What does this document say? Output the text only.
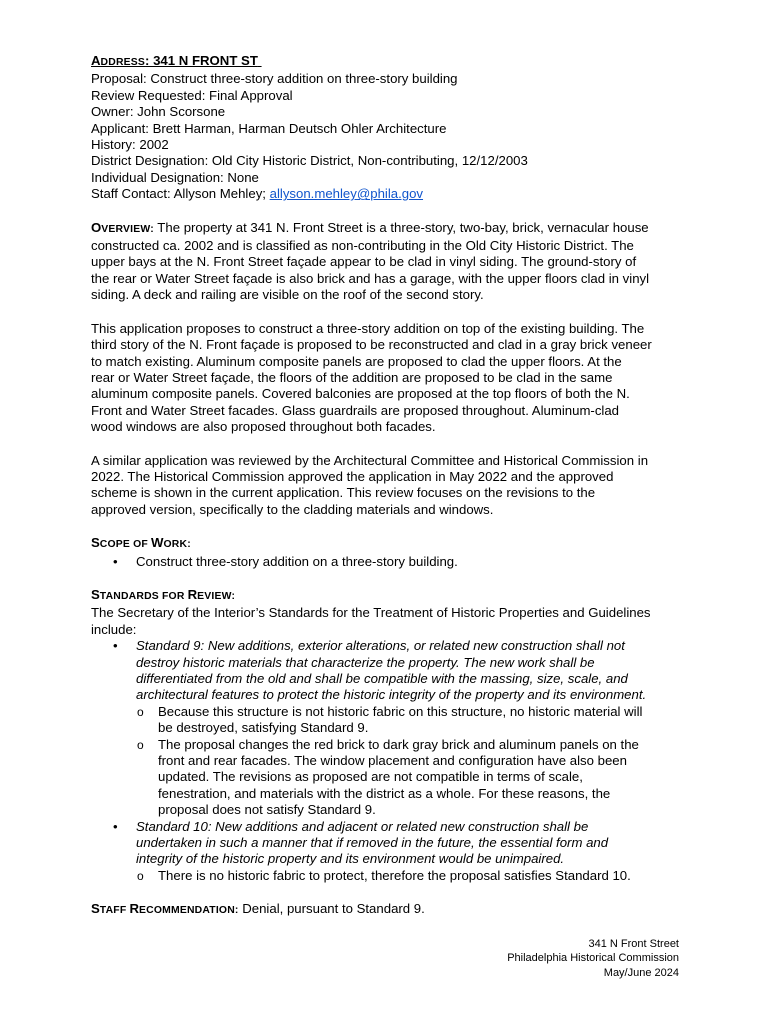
ADDRESS: 341 N FRONT ST
Proposal: Construct three-story addition on three-story building
Review Requested: Final Approval
Owner: John Scorsone
Applicant: Brett Harman, Harman Deutsch Ohler Architecture
History: 2002
District Designation: Old City Historic District, Non-contributing, 12/12/2003
Individual Designation: None
Staff Contact: Allyson Mehley; allyson.mehley@phila.gov
OVERVIEW: The property at 341 N. Front Street is a three-story, two-bay, brick, vernacular house
constructed ca. 2002 and is classified as non-contributing in the Old City Historic District. The
upper bays at the N. Front Street façade appear to be clad in vinyl siding. The ground-story of
the rear or Water Street façade is also brick and has a garage, with the upper floors clad in vinyl
siding. A deck and railing are visible on the roof of the second story.
This application proposes to construct a three-story addition on top of the existing building. The
third story of the N. Front façade is proposed to be reconstructed and clad in a gray brick veneer
to match existing. Aluminum composite panels are proposed to clad the upper floors. At the
rear or Water Street façade, the floors of the addition are proposed to be clad in the same
aluminum composite panels. Covered balconies are proposed at the top floors of both the N.
Front and Water Street facades. Glass guardrails are proposed throughout. Aluminum-clad
wood windows are also proposed throughout both facades.
A similar application was reviewed by the Architectural Committee and Historical Commission in
2022. The Historical Commission approved the application in May 2022 and the approved
scheme is shown in the current application. This review focuses on the revisions to the
approved version, specifically to the cladding materials and windows.
SCOPE OF WORK:
• Construct three-story addition on a three-story building.
STANDARDS FOR REVIEW:
The Secretary of the Interior’s Standards for the Treatment of Historic Properties and Guidelines
include:
• Standard 9: New additions, exterior alterations, or related new construction shall not
destroy historic materials that characterize the property. The new work shall be
differentiated from the old and shall be compatible with the massing, size, scale, and
architectural features to protect the historic integrity of the property and its environment.
o Because this structure is not historic fabric on this structure, no historic material will
be destroyed, satisfying Standard 9.
o The proposal changes the red brick to dark gray brick and aluminum panels on the
front and rear facades. The window placement and configuration have also been
updated. The revisions as proposed are not compatible in terms of scale,
fenestration, and materials with the district as a whole. For these reasons, the
proposal does not satisfy Standard 9.
• Standard 10: New additions and adjacent or related new construction shall be
undertaken in such a manner that if removed in the future, the essential form and
integrity of the historic property and its environment would be unimpaired.
o There is no historic fabric to protect, therefore the proposal satisfies Standard 10.
STAFF RECOMMENDATION: Denial, pursuant to Standard 9.
341 N Front Street
Philadelphia Historical Commission
May/June 2024
